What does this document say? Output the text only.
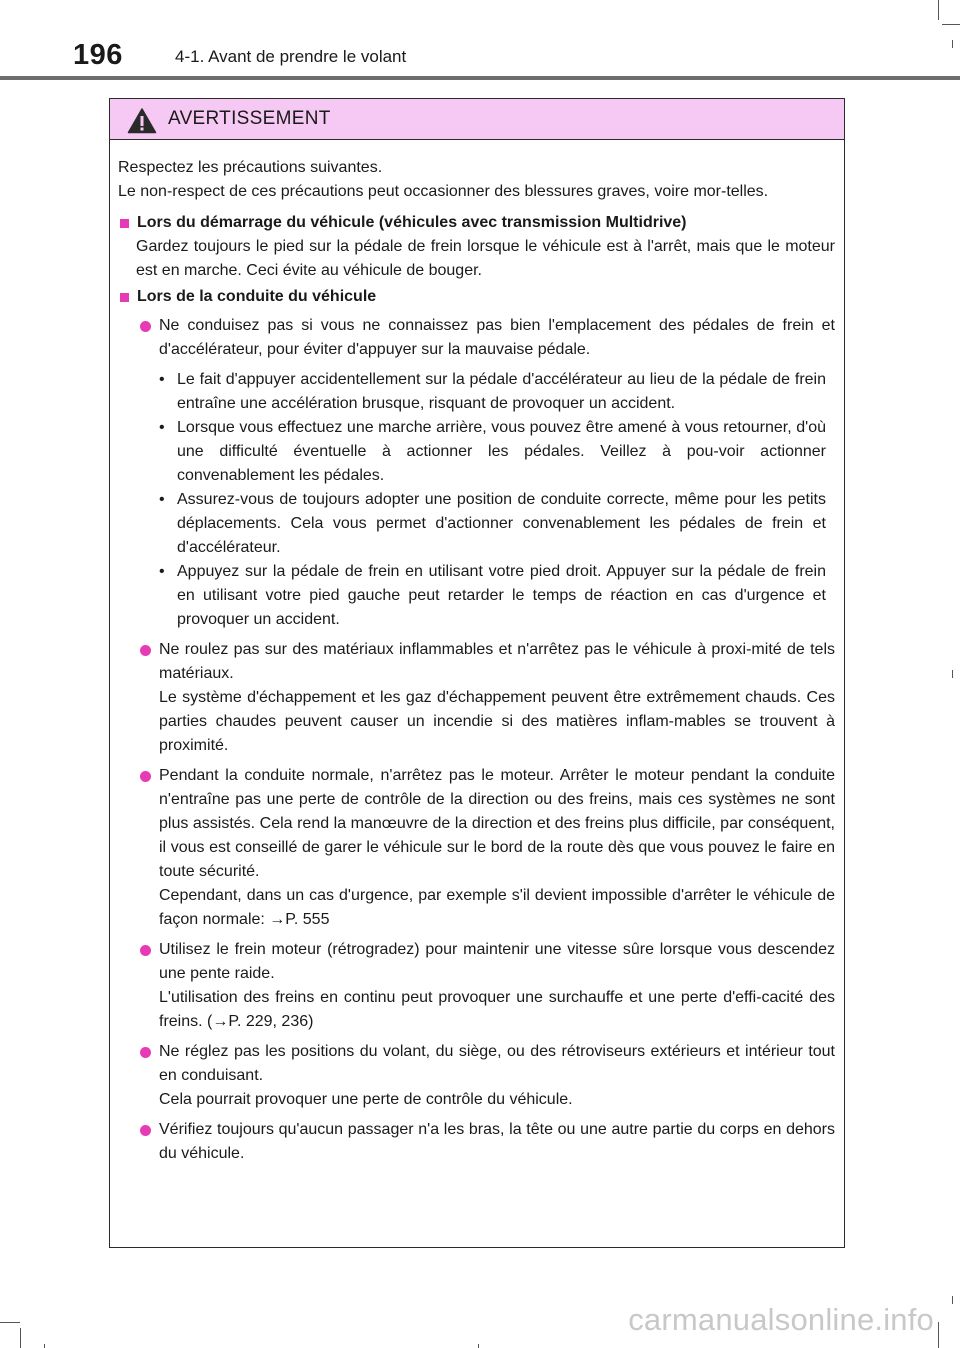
196	4-1. Avant de prendre le volant
AVERTISSEMENT

Respectez les précautions suivantes.

Le non-respect de ces précautions peut occasionner des blessures graves, voire mor-telles.

Lors du démarrage du véhicule (véhicules avec transmission Multidrive)

Gardez toujours le pied sur la pédale de frein lorsque le véhicule est à l'arrêt, mais que le moteur est en marche. Ceci évite au véhicule de bouger.

Lors de la conduite du véhicule

Ne conduisez pas si vous ne connaissez pas bien l'emplacement des pédales de frein et d'accélérateur, pour éviter d'appuyer sur la mauvaise pédale.

• Le fait d'appuyer accidentellement sur la pédale d'accélérateur au lieu de la pédale de frein entraîne une accélération brusque, risquant de provoquer un accident.
• Lorsque vous effectuez une marche arrière, vous pouvez être amené à vous retourner, d'où une difficulté éventuelle à actionner les pédales. Veillez à pou-voir actionner convenablement les pédales.
• Assurez-vous de toujours adopter une position de conduite correcte, même pour les petits déplacements. Cela vous permet d'actionner convenablement les pédales de frein et d'accélérateur.
• Appuyez sur la pédale de frein en utilisant votre pied droit. Appuyer sur la pédale de frein en utilisant votre pied gauche peut retarder le temps de réaction en cas d'urgence et provoquer un accident.

Ne roulez pas sur des matériaux inflammables et n'arrêtez pas le véhicule à proxi-mité de tels matériaux.

Le système d'échappement et les gaz d'échappement peuvent être extrêmement chauds. Ces parties chaudes peuvent causer un incendie si des matières inflam-mables se trouvent à proximité.

Pendant la conduite normale, n'arrêtez pas le moteur. Arrêter le moteur pendant la conduite n'entraîne pas une perte de contrôle de la direction ou des freins, mais ces systèmes ne sont plus assistés. Cela rend la manœuvre de la direction et des freins plus difficile, par conséquent, il vous est conseillé de garer le véhicule sur le bord de la route dès que vous pouvez le faire en toute sécurité.

Cependant, dans un cas d'urgence, par exemple s'il devient impossible d'arrêter le véhicule de façon normale: →P. 555

Utilisez le frein moteur (rétrogradez) pour maintenir une vitesse sûre lorsque vous descendez une pente raide.

L'utilisation des freins en continu peut provoquer une surchauffe et une perte d'effi-cacité des freins. (→P. 229, 236)

Ne réglez pas les positions du volant, du siège, ou des rétroviseurs extérieurs et intérieur tout en conduisant.

Cela pourrait provoquer une perte de contrôle du véhicule.

Vérifiez toujours qu'aucun passager n'a les bras, la tête ou une autre partie du corps en dehors du véhicule.

carmanualsonline.info
